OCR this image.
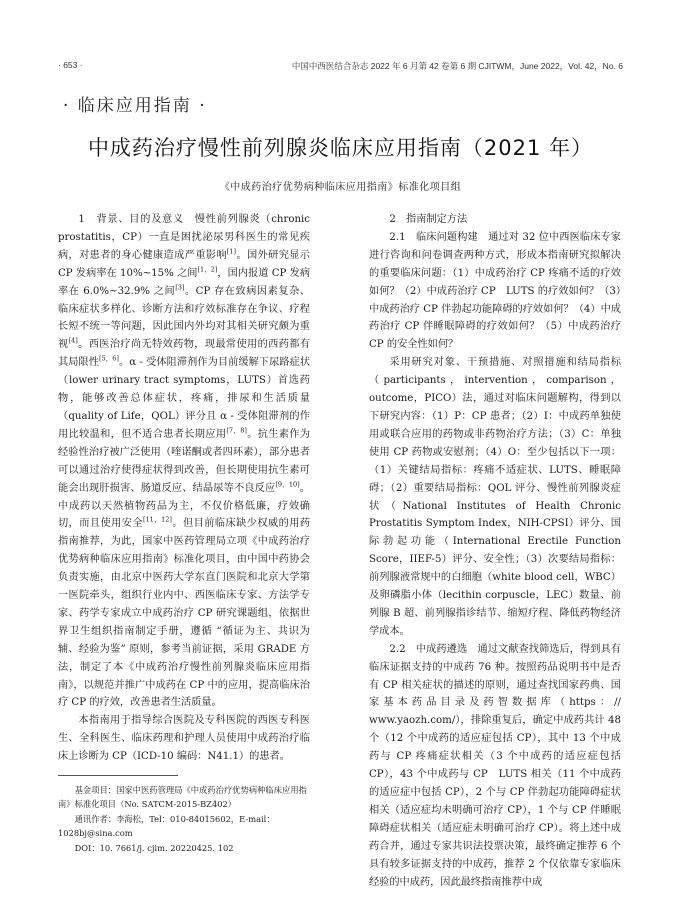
· 653 ·	中国中西医结合杂志 2022 年 6 月第 42 卷第 6 期 CJITWM，June 2022，Vol. 42，No. 6
· 临床应用指南 ·
中成药治疗慢性前列腺炎临床应用指南（2021 年）
《中成药治疗优势病种临床应用指南》标准化项目组

1　背景、目的及意义　慢性前列腺炎（chronic prostatitis，CP）一直是困扰泌尿男科医生的常见疾病，对患者的身心健康造成严重影响[1]。国外研究显示 CP 发病率在 10%~15% 之间[1，2]，国内报道 CP 发病率在 6.0%~32.9% 之间[3]。CP 存在致病因素复杂、临床症状多样化、诊断方法和疗效标准存在争议、疗程长短不统一等问题，因此国内外均对其相关研究颇为重视[4]。西医治疗尚无特效药物，现最常使用的西药都有其局限性[5，6]。α - 受体阻滞剂作为目前缓解下尿路症状（lower urinary tract symptoms，LUTS）首选药物，能够改善总体症状，疼痛，排尿和生活质量（quality of Life，QOL）评分且 α - 受体阻滞剂的作用比较温和，但不适合患者长期应用[7，8]。抗生素作为经验性治疗被广泛使用（喹诺酮或者四环素），部分患者可以通过治疗使得症状得到改善，但长期使用抗生素可能会出现肝损害、肠道反应、结晶尿等不良反应[9，10]。中成药以天然植物药品为主，不仅价格低廉，疗效确切，而且使用安全[11，12]。但目前临床缺少权威的用药指南推荐，为此，国家中医药管理局立项《中成药治疗优势病种临床应用指南》标准化项目，由中国中药协会负责实施，由北京中医药大学东直门医院和北京大学第一医院牵头，组织行业内中、西医临床专家、方法学专家、药学专家成立中成药治疗 CP 研究课题组，依据世界卫生组织指南制定手册，遵循 “循证为主、共识为辅、经验为鉴” 原则，参考当前证据，采用 GRADE 方法，制定了本《中成药治疗慢性前列腺炎临床应用指南》，以规范并推广中成药在 CP 中的应用，提高临床治疗 CP 的疗效，改善患者生活质量。

本指南用于指导综合医院及专科医院的西医专科医生、全科医生、临床药理和护理人员使用中成药治疗临床上诊断为 CP（ICD-10 编码：N41.1）的患者。

基金项目：国家中医药管理局《中成药治疗优势病种临床应用指南》标准化项目（No. SATCM-2015-BZ402）

通讯作者：李海松，Tel：010-84015602，E-mail：1028bj@sina.com

DOI：10. 7661/j. cjim. 20220425. 102

2　指南制定方法

2.1　临床问题构建　通过对 32 位中西医临床专家进行咨询和问卷调查两种方式，形成本指南研究拟解决的重要临床问题：（1）中成药治疗 CP 疼痛不适的疗效如何？（2）中成药治疗 CP　LUTS 的疗效如何？（3）中成药治疗 CP 伴勃起功能障碍的疗效如何？（4）中成药治疗 CP 伴睡眠障碍的疗效如何？（5）中成药治疗 CP 的安全性如何？

采用研究对象、干预措施、对照措施和结局指标（participants，intervention，comparison，outcome，PICO）法，通过对临床问题解构，得到以下研究内容：（1）P：CP 患者；（2）I：中成药单独使用或联合应用的药物或非药物治疗方法；（3）C：单独使用 CP 药物或安慰剂；（4）O：至少包括以下一项：（1）关键结局指标：疼痛不适症状、LUTS、睡眠障碍；（2）重要结局指标：QOL 评分、慢性前列腺炎症状（National Institutes of Health Chronic Prostatitis Symptom Index，NIH-CPSI）评分、国际勃起功能（International Erectile Function Score，IIEF-5）评分、安全性；（3）次要结局指标：前列腺液常规中的白细胞（white blood cell，WBC）及卵磷脂小体（lecithin corpuscle，LEC）数量、前列腺 B 超、前列腺指诊结节、缩短疗程、降低药物经济学成本。

2.2　中成药遴选　通过文献查找筛选后，得到具有临床证据支持的中成药 76 种。按照药品说明书中是否有 CP 相关症状的描述的原则，通过查找国家药典、国家基本药品目录及药智数据库（https：// www.yaozh.com/），排除重复后，确定中成药共计 48 个（12 个中成药的适应症包括 CP），其中 13 个中成药与 CP 疼痛症状相关（3 个中成药的适应症包括 CP），43 个中成药与 CP　LUTS 相关（11 个中成药的适应症中包括 CP），2 个与 CP 伴勃起功能障碍症状相关（适应症均未明确可治疗 CP），1 个与 CP 伴睡眠障碍症状相关（适应症未明确可治疗 CP）。将上述中成药合并，通过专家共识法投票决策，最终确定推荐 6 个具有较多证据支持的中成药，推荐 2 个仅依靠专家临床经验的中成药，因此最终指南推荐中成
